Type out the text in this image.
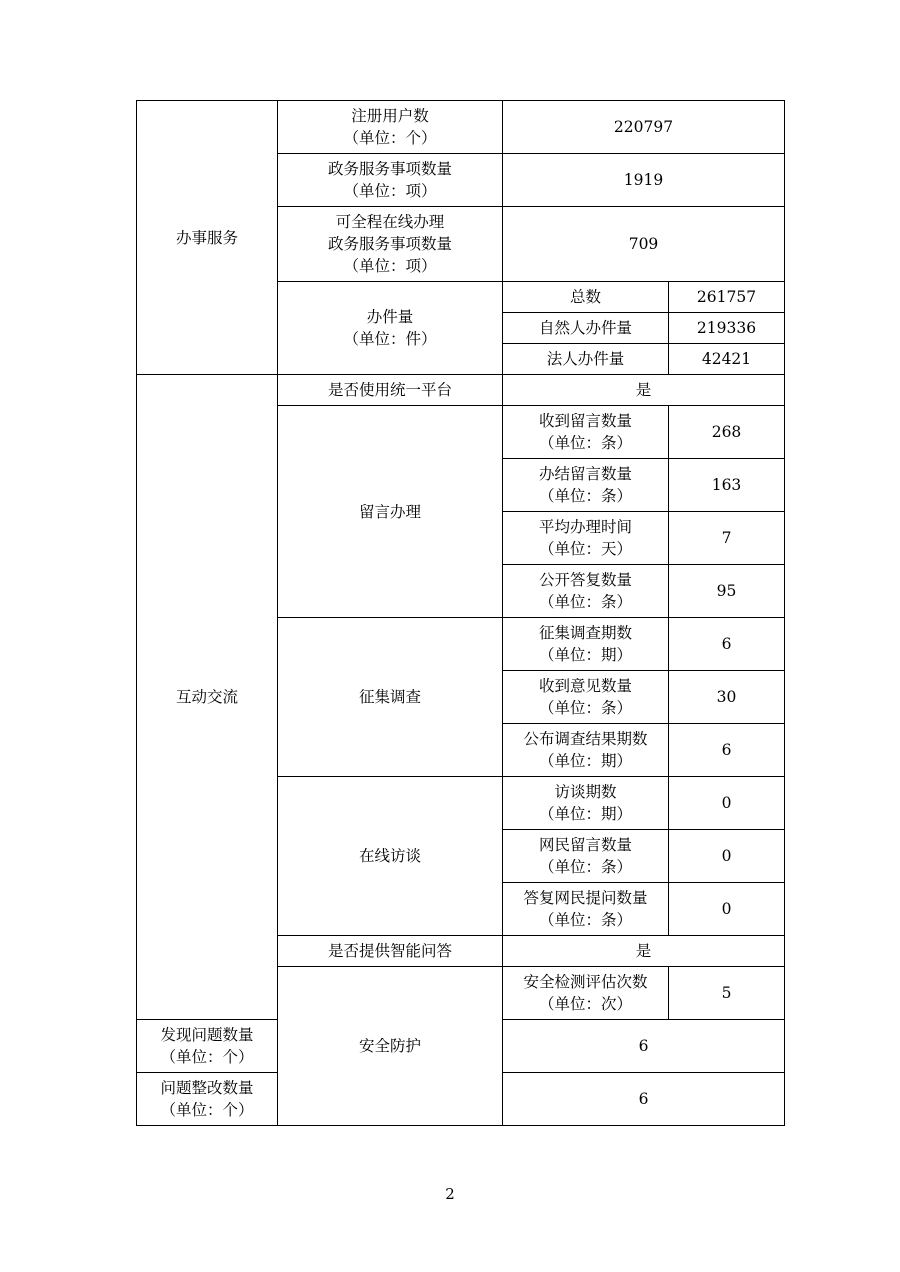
办事服务	注册用户数
（单位：个）	220797	

	政务服务事项数量
（单位：项）	1919	

	可全程在线办理
政务服务事项数量
（单位：项）	709	

	办件量
（单位：件）	总数	261757
		自然人办件量	219336
		法人办件量	42421
互动交流	是否使用统一平台	是	
	留言办理	收到留言数量
（单位：条）	268

		办结留言数量
（单位：条）	163

		平均办理时间
（单位：天）	7

		公开答复数量
（单位：条）	95
	征集调查	征集调查期数
（单位：期）	6

		收到意见数量
（单位：条）	30

		公布调查结果期数
（单位：期）	6
	在线访谈	访谈期数
（单位：期）	0

		网民留言数量
（单位：条）	0

		答复网民提问数量
（单位：条）	0
	是否提供智能问答	是	
	安全防护	安全检测评估次数
（单位：次）	5

发现问题数量
（单位：个）		6	

问题整改数量
（单位：个）		6	
2
